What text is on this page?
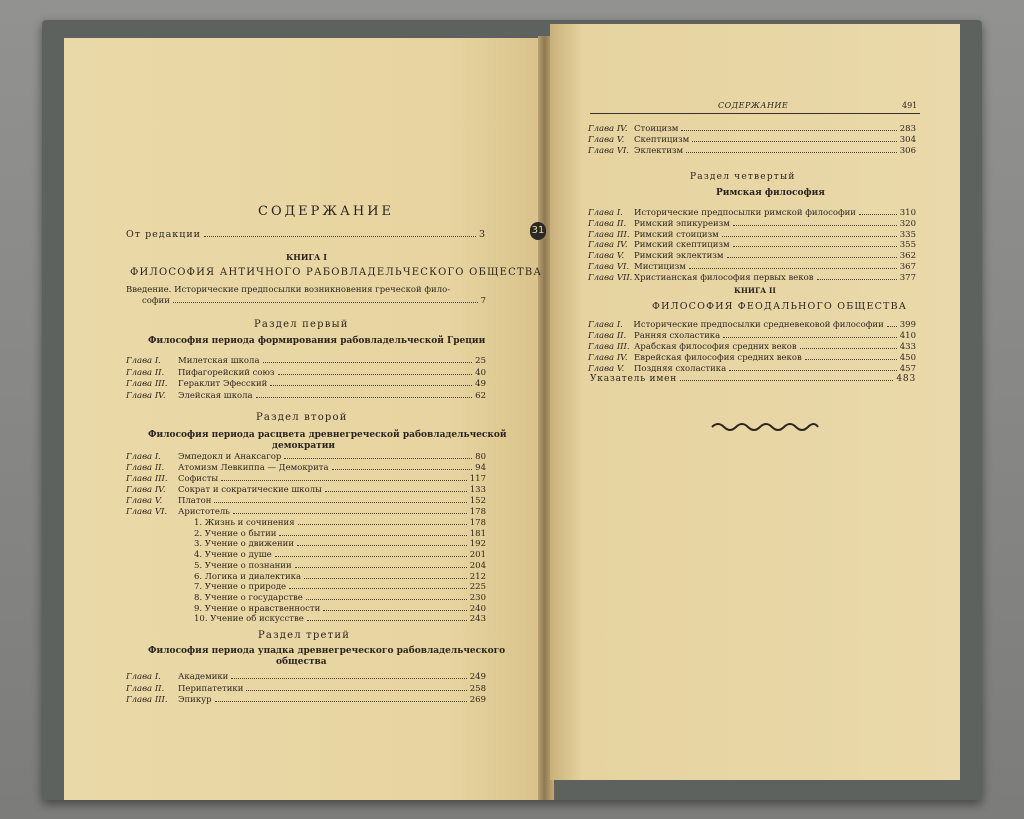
31
СОДЕРЖАНИЕ
От редакции	3
КНИГА I
ФИЛОСОФИЯ АНТИЧНОГО РАБОВЛАДЕЛЬЧЕСКОГО ОБЩЕСТВА
Введение. Исторические предпосылки возникновения греческой фило-
софии	7
Раздел первый
Философия периода формирования рабовладельческой Греции
Глава I.	Милетская школа	25
Глава II.	Пифагорейский союз	40
Глава III.	Гераклит Эфесский	49
Глава IV.	Элейская школа	62
Раздел второй
Философия периода расцвета древнегреческой рабовладельческой
демократии
Глава I.	Эмпедокл и Анаксагор	80
Глава II.	Атомизм Левкиппа — Демокрита	94
Глава III.	Софисты	117
Глава IV.	Сократ и сократические школы	133
Глава V.	Платон	152
Глава VI.	Аристотель	178
1. Жизнь и сочинения	178
2. Учение о бытии	181
3. Учение о движении	192
4. Учение о душе	201
5. Учение о познании	204
6. Логика и диалектика	212
7. Учение о природе	225
8. Учение о государстве	230
9. Учение о нравственности	240
10. Учение об искусстве	243
Раздел третий
Философия периода упадка древнегреческого рабовладельческого
общества
Глава I.	Академики	249
Глава II.	Перипатетики	258
Глава III.	Эпикур	269
СОДЕРЖАНИЕ	491
Глава IV. Стоицизм	283
Глава V.	Скептицизм	304
Глава VI. Эклектизм	306
Раздел четвертый
Римская философия
Глава I.	Исторические предпосылки римской философии	310
Глава II. Римский эпикуреизм	320
Глава III. Римский стоицизм	335
Глава IV. Римский скептицизм	355
Глава V.	Римский эклектизм	362
Глава VI. Мистицизм	367
Глава VII. Христианская философия первых веков	377
КНИГА II
ФИЛОСОФИЯ ФЕОДАЛЬНОГО ОБЩЕСТВА
Глава I.	Исторические предпосылки средневековой философии 399
Глава II. Ранняя схоластика	410
Глава III. Арабская философия средних веков	433
Глава IV. Еврейская философия средних веков	450
Глава V.	Поздняя схоластика	457
Указатель имен	483
